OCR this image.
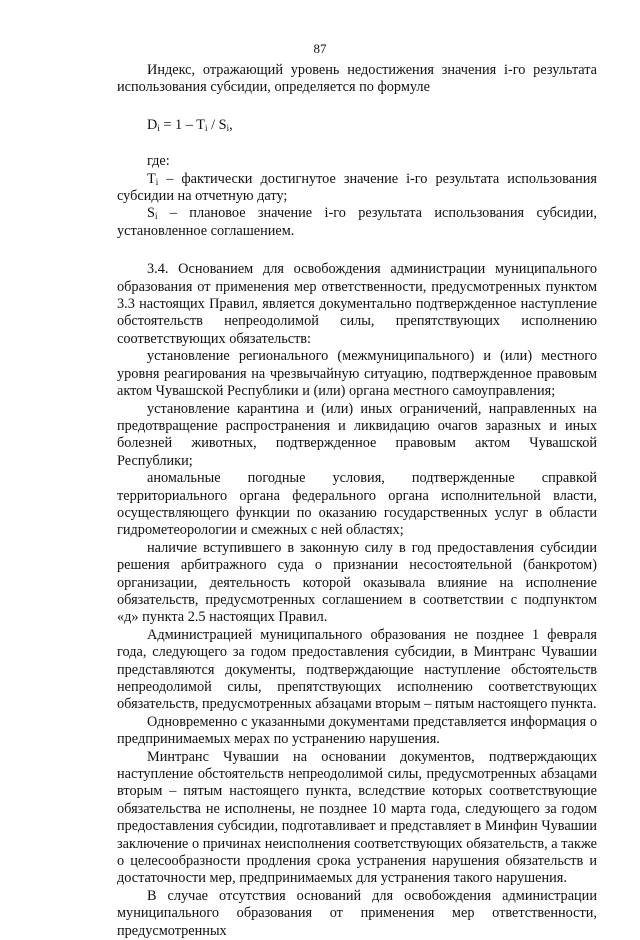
87

Индекс, отражающий уровень недостижения значения i-го результата использования субсидии, определяется по формуле

$D_i = 1 - T_i / S_i$,

где:

$T_i$ – фактически достигнутое значение i-го результата использования субсидии на отчетную дату;

$S_i$ – плановое значение i-го результата использования субсидии, установленное соглашением.

3.4. Основанием для освобождения администрации муниципального образования от применения мер ответственности, предусмотренных пунктом 3.3 настоящих Правил, является документально подтвержденное наступление обстоятельств непреодолимой силы, препятствующих исполнению соответствующих обязательств:

установление регионального (межмуниципального) и (или) местного уровня реагирования на чрезвычайную ситуацию, подтвержденное правовым актом Чувашской Республики и (или) органа местного самоуправления;

установление карантина и (или) иных ограничений, направленных на предотвращение распространения и ликвидацию очагов заразных и иных болезней животных, подтвержденное правовым актом Чувашской Республики;

аномальные погодные условия, подтвержденные справкой территориального органа федерального органа исполнительной власти, осуществляющего функции по оказанию государственных услуг в области гидрометеорологии и смежных с ней областях;

наличие вступившего в законную силу в год предоставления субсидии решения арбитражного суда о признании несостоятельной (банкротом) организации, деятельность которой оказывала влияние на исполнение обязательств, предусмотренных соглашением в соответствии с подпунктом «д» пункта 2.5 настоящих Правил.

Администрацией муниципального образования не позднее 1 февраля года, следующего за годом предоставления субсидии, в Минтранс Чувашии представляются документы, подтверждающие наступление обстоятельств непреодолимой силы, препятствующих исполнению соответствующих обязательств, предусмотренных абзацами вторым – пятым настоящего пункта.

Одновременно с указанными документами представляется информация о предпринимаемых мерах по устранению нарушения.

Минтранс Чувашии на основании документов, подтверждающих наступление обстоятельств непреодолимой силы, предусмотренных абзацами вторым – пятым настоящего пункта, вследствие которых соответствующие обязательства не исполнены, не позднее 10 марта года, следующего за годом предоставления субсидии, подготавливает и представляет в Минфин Чувашии заключение о причинах неисполнения соответствующих обязательств, а также о целесообразности продления срока устранения нарушения обязательств и достаточности мер, предпринимаемых для устранения такого нарушения.

В случае отсутствия оснований для освобождения администрации муниципального образования от применения мер ответственности, предусмотренных
